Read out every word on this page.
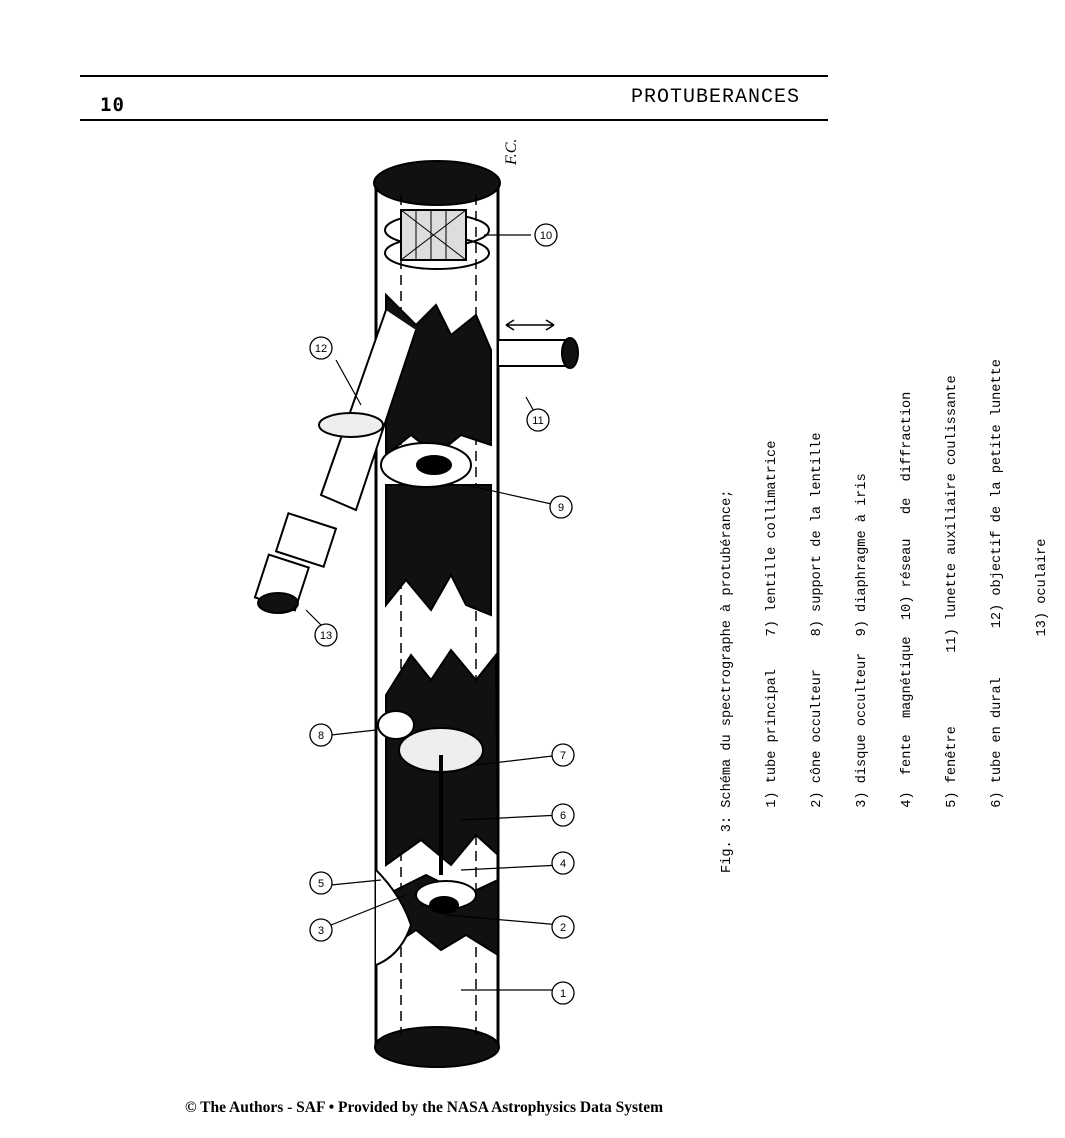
10	PROTUBERANCES
10
12
11
9
7
6
4
1
2
13
8
5
3
F.C.

Fig. 3: Schéma du spectrographe à protubérance;

1) tube principal    7) lentille collimatrice

2) cône occulteur    8) support de la lentille

3) disque occulteur  9) diaphragme à iris

4)  fente  magnétique  10) réseau   de  diffraction

5) fenêtre         11) lunette auxiliaire coulissante

6) tube en dural      12) objectif de la petite lunette

13) oculaire

© The Authors - SAF • Provided by the NASA Astrophysics Data System
